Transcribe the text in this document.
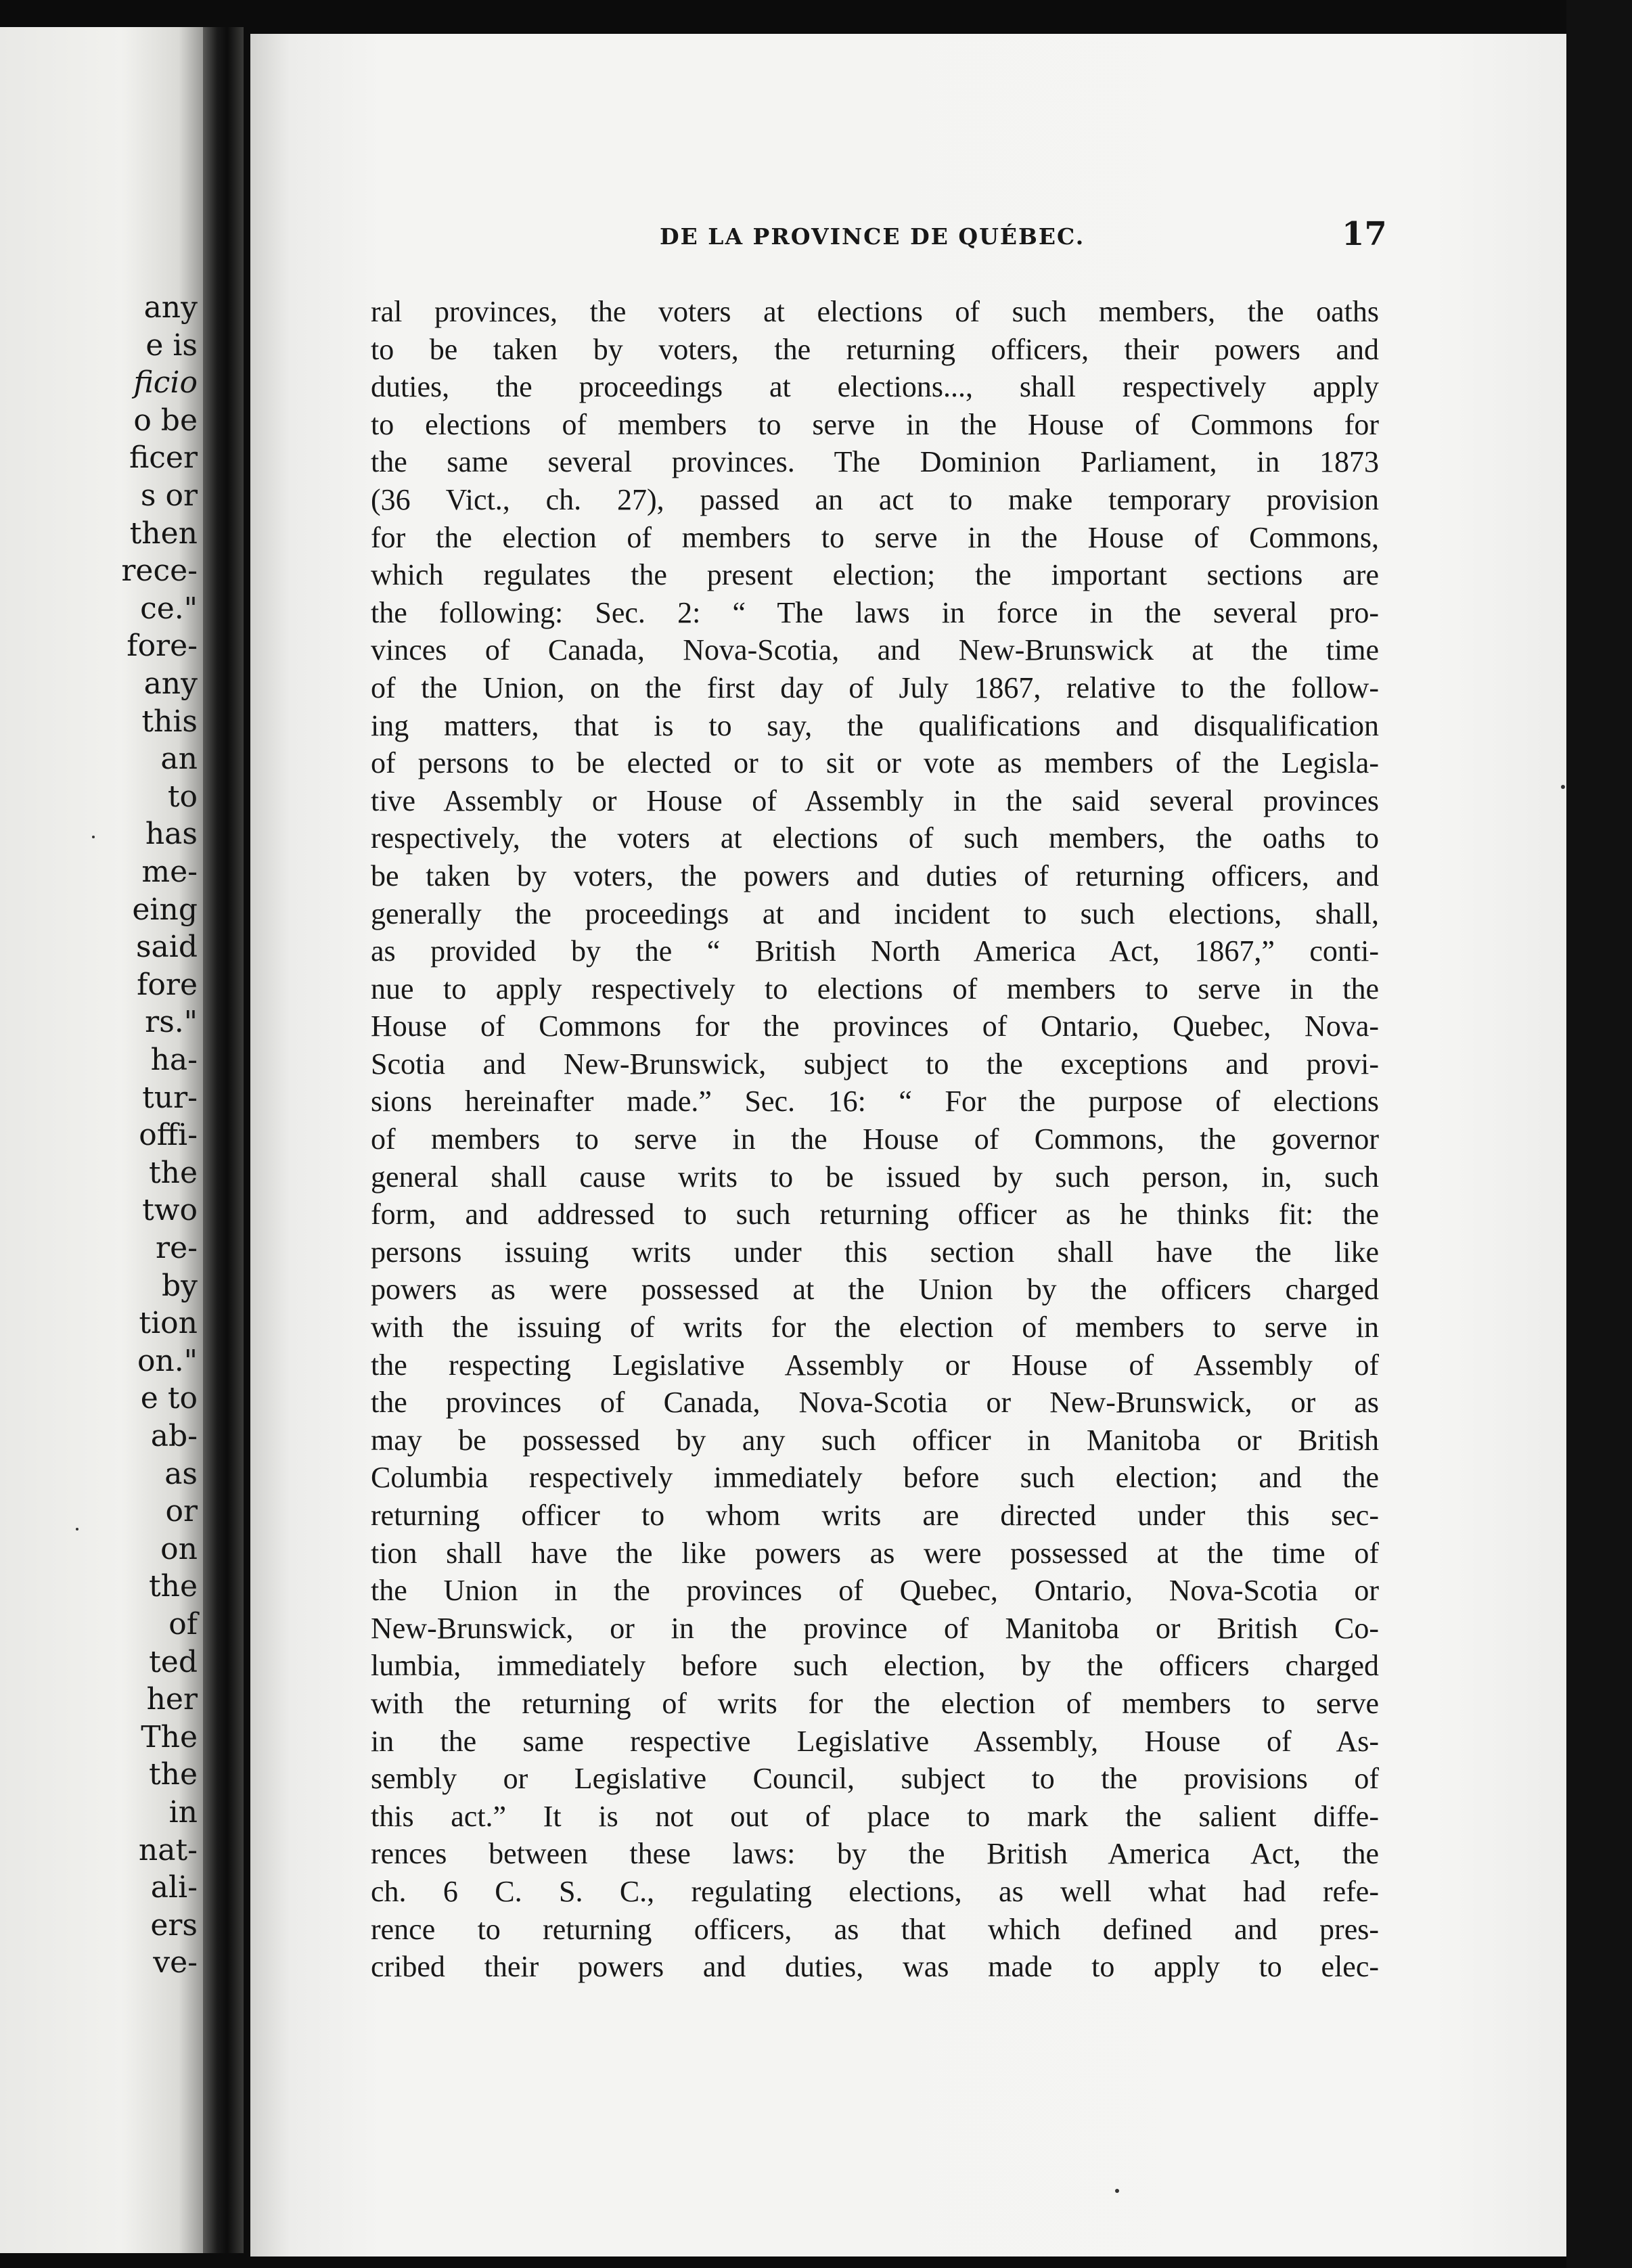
any
e is
ficio
o be
ficer
s or
then
rece-
ce."
fore-
any
this
an
to
has
me-
eing
said
fore
rs."
ha-
tur-
offi-
the
two
re-
by
tion
on."
e to
ab-
as
or
on
the
of
ted
her
The
the
in
nat-
ali-
ers
ve-
DE LA PROVINCE DE QUÉBEC.	17
ral provinces, the voters at elections of such members, the oaths
to be taken by voters, the returning officers, their powers and
duties, the proceedings at elections..., shall respectively apply
to elections of members to serve in the House of Commons for
the same several provinces. The Dominion Parliament, in 1873
(36 Vict., ch. 27), passed an act to make temporary provision
for the election of members to serve in the House of Commons,
which regulates the present election; the important sections are
the following: Sec. 2: “ The laws in force in the several pro-
vinces of Canada, Nova-Scotia, and New-Brunswick at the time
of the Union, on the first day of July 1867, relative to the follow-
ing matters, that is to say, the qualifications and disqualification
of persons to be elected or to sit or vote as members of the Legisla-
tive Assembly or House of Assembly in the said several provinces
respectively, the voters at elections of such members, the oaths to
be taken by voters, the powers and duties of returning officers, and
generally the proceedings at and incident to such elections, shall,
as provided by the “ British North America Act, 1867,” conti-
nue to apply respectively to elections of members to serve in the
House of Commons for the provinces of Ontario, Quebec, Nova-
Scotia and New-Brunswick, subject to the exceptions and provi-
sions hereinafter made.” Sec. 16: “ For the purpose of elections
of members to serve in the House of Commons, the governor
general shall cause writs to be issued by such person, in, such
form, and addressed to such returning officer as he thinks fit: the
persons issuing writs under this section shall have the like
powers as were possessed at the Union by the officers charged
with the issuing of writs for the election of members to serve in
the respecting Legislative Assembly or House of Assembly of
the provinces of Canada, Nova-Scotia or New-Brunswick, or as
may be possessed by any such officer in Manitoba or British
Columbia respectively immediately before such election; and the
returning officer to whom writs are directed under this sec-
tion shall have the like powers as were possessed at the time of
the Union in the provinces of Quebec, Ontario, Nova-Scotia or
New-Brunswick, or in the province of Manitoba or British Co-
lumbia, immediately before such election, by the officers charged
with the returning of writs for the election of members to serve
in the same respective Legislative Assembly, House of As-
sembly or Legislative Council, subject to the provisions of
this act.” It is not out of place to mark the salient diffe-
rences between these laws: by the British America Act, the
ch. 6 C. S. C., regulating elections, as well what had refe-
rence to returning officers, as that which defined and pres-
cribed their powers and duties, was made to apply to elec-
